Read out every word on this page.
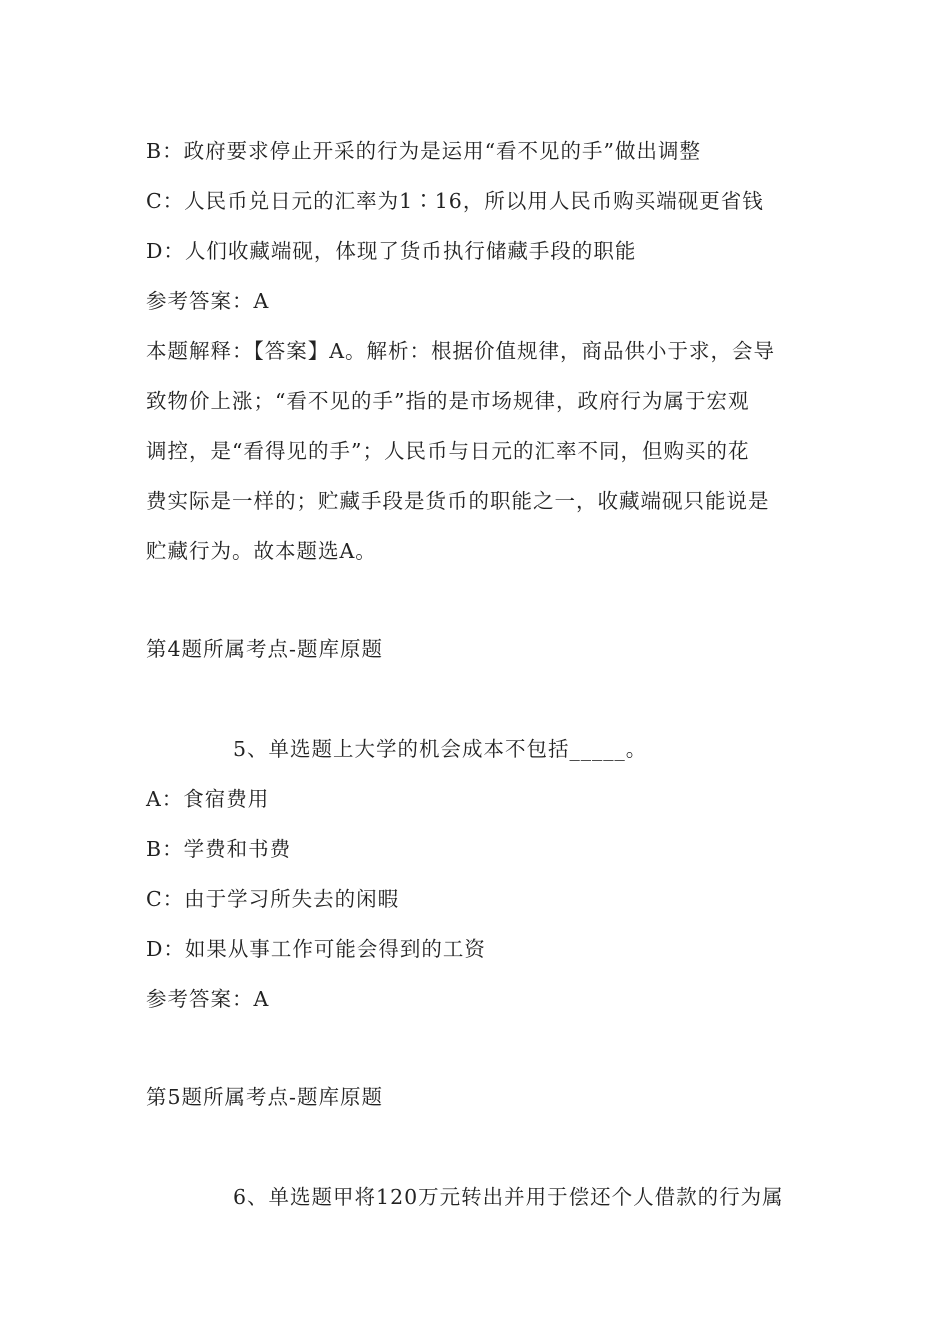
B：政府要求停止开采的行为是运用“看不见的手”做出调整
C：人民币兑日元的汇率为1∶16，所以用人民币购买端砚更省钱
D：人们收藏端砚，体现了货币执行储藏手段的职能
参考答案：A
本题解释：【答案】A。解析：根据价值规律，商品供小于求，会导
致物价上涨；“看不见的手”指的是市场规律，政府行为属于宏观
调控，是“看得见的手”；人民币与日元的汇率不同，但购买的花
费实际是一样的；贮藏手段是货币的职能之一，收藏端砚只能说是
贮藏行为。故本题选A。
第4题所属考点-题库原题
5、单选题上大学的机会成本不包括_____。
A：食宿费用
B：学费和书费
C：由于学习所失去的闲暇
D：如果从事工作可能会得到的工资
参考答案：A
第5题所属考点-题库原题
6、单选题甲将120万元转出并用于偿还个人借款的行为属
